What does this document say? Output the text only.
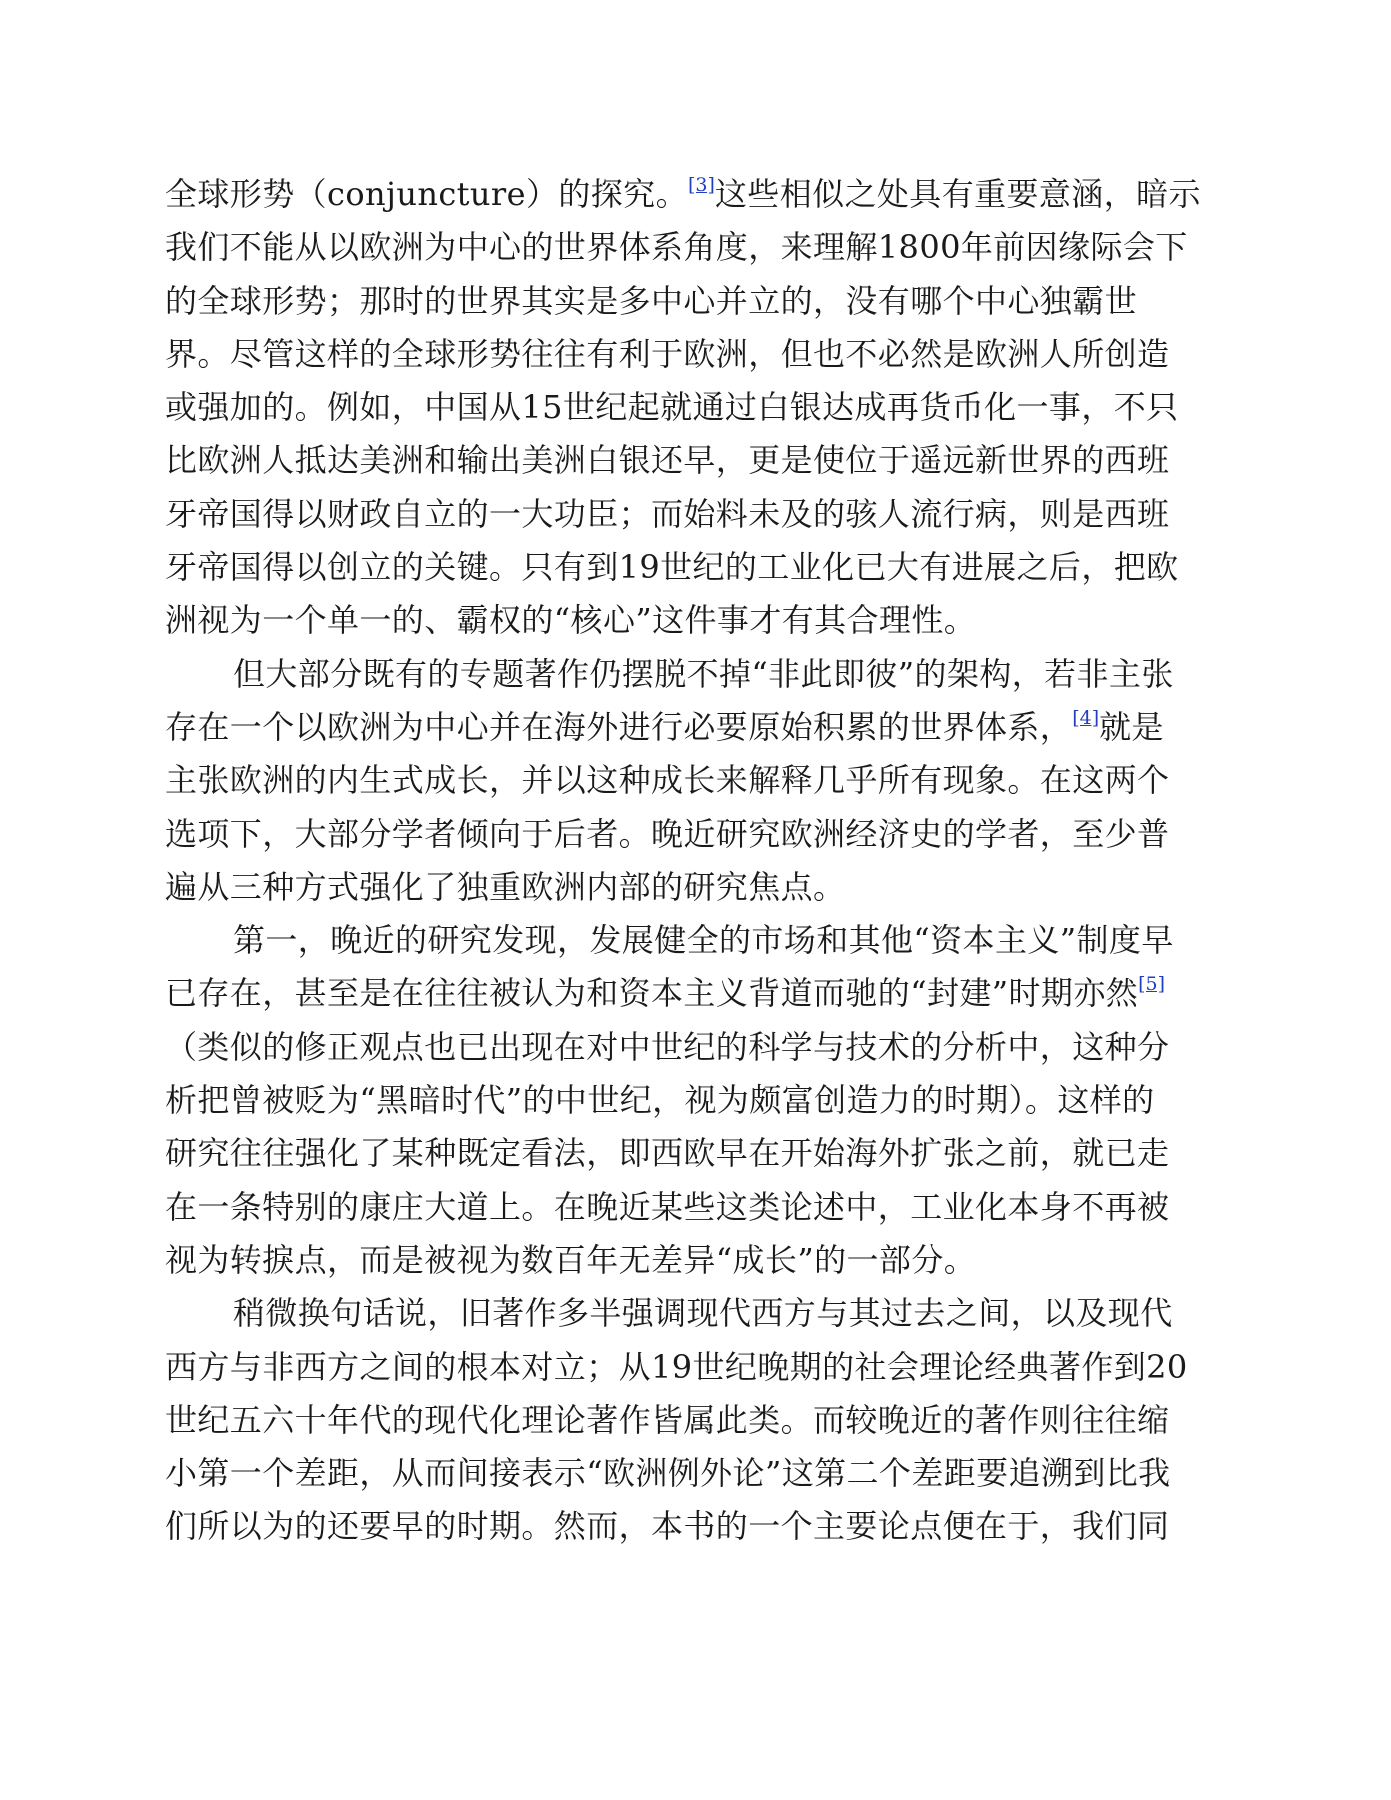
全球形势（conjuncture）的探究。[3]这些相似之处具有重要意涵，暗示
我们不能从以欧洲为中心的世界体系角度，来理解1800年前因缘际会下
的全球形势；那时的世界其实是多中心并立的，没有哪个中心独霸世
界。尽管这样的全球形势往往有利于欧洲，但也不必然是欧洲人所创造
或强加的。例如，中国从15世纪起就通过白银达成再货币化一事，不只
比欧洲人抵达美洲和输出美洲白银还早，更是使位于遥远新世界的西班
牙帝国得以财政自立的一大功臣；而始料未及的骇人流行病，则是西班
牙帝国得以创立的关键。只有到19世纪的工业化已大有进展之后，把欧
洲视为一个单一的、霸权的“核心”这件事才有其合理性。
但大部分既有的专题著作仍摆脱不掉“非此即彼”的架构，若非主张
存在一个以欧洲为中心并在海外进行必要原始积累的世界体系，[4]就是
主张欧洲的内生式成长，并以这种成长来解释几乎所有现象。在这两个
选项下，大部分学者倾向于后者。晚近研究欧洲经济史的学者，至少普
遍从三种方式强化了独重欧洲内部的研究焦点。
第一，晚近的研究发现，发展健全的市场和其他“资本主义”制度早
已存在，甚至是在往往被认为和资本主义背道而驰的“封建”时期亦然[5]
（类似的修正观点也已出现在对中世纪的科学与技术的分析中，这种分
析把曾被贬为“黑暗时代”的中世纪，视为颇富创造力的时期）。这样的
研究往往强化了某种既定看法，即西欧早在开始海外扩张之前，就已走
在一条特别的康庄大道上。在晚近某些这类论述中，工业化本身不再被
视为转捩点，而是被视为数百年无差异“成长”的一部分。
稍微换句话说，旧著作多半强调现代西方与其过去之间，以及现代
西方与非西方之间的根本对立；从19世纪晚期的社会理论经典著作到20
世纪五六十年代的现代化理论著作皆属此类。而较晚近的著作则往往缩
小第一个差距，从而间接表示“欧洲例外论”这第二个差距要追溯到比我
们所以为的还要早的时期。然而，本书的一个主要论点便在于，我们同
